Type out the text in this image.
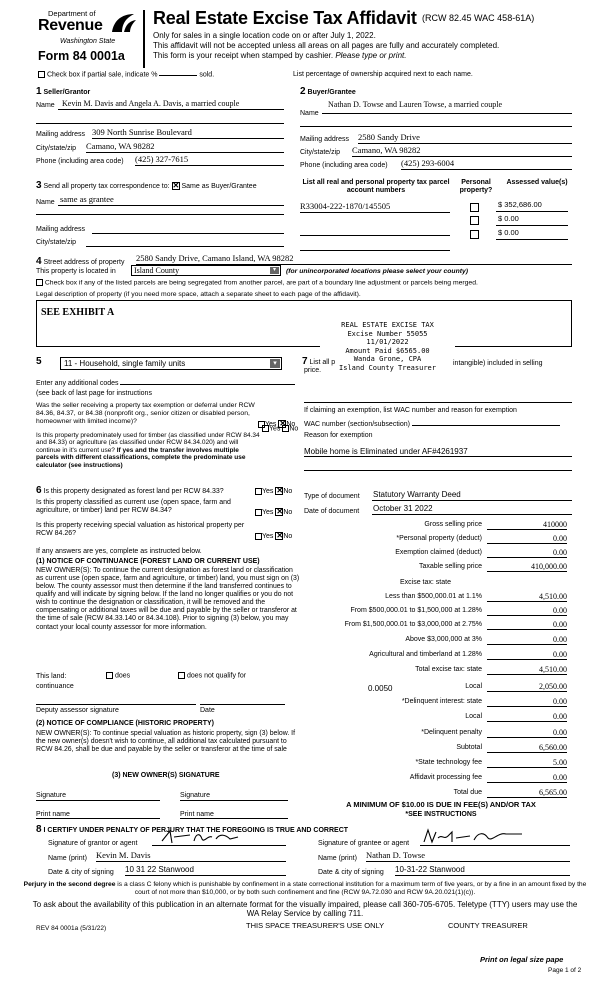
Department of
Revenue
Washington State
Form 84 0001a
Real Estate Excise Tax Affidavit (RCW 82.45 WAC 458-61A)
Only for sales in a single location code on or after July 1, 2022.
This affidavit will not be accepted unless all areas on all pages are fully and accurately completed.
This form is your receipt when stamped by cashier. Please type or print.
Check box if partial sale, indicate %	sold.	List percentage of ownership acquired next to each name.
1 Seller/Grantor
Name Kevin M. Davis and Angela A. Davis, a married couple
Mailing address 309 North Sunrise Boulevard
City/state/zip Camano, WA 98282
Phone (including area code) (425) 327-7615
2 Buyer/Grantee
Name
Nathan D. Towse and Lauren Towse, a married couple
Mailing address 2580 Sandy Drive
City/state/zip Camano, WA 98282
Phone (including area code) (425) 293-6004
3 Send all property tax correspondence to: ✕ Same as Buyer/Grantee
Name same as grantee
Mailing address
City/state/zip
List all real and personal property tax parcel account numbers
Personal property?
Assessed value(s)
R33004-222-1870/145505	$ 352,686.00
$ 0.00
$ 0.00
4 Street address of property 2580 Sandy Drive, Camano Island, WA 98282
This property is located in	Island County	▾	(for unincorporated locations please select your county)
Check box if any of the listed parcels are being segregated from another parcel, are part of a boundary line adjustment or parcels being merged.
Legal description of property (if you need more space, attach a separate sheet to each page of the affidavit).
SEE EXHIBIT A
REAL ESTATE EXCISE TAX
Excise Number 55055
11/01/2022
Amount Paid $6565.00
Wanda Grone, CPA
Island County Treasurer
5	11 - Household, single family units	▾
Enter any additional codes
(see back of last page for instructions
Was the seller receiving a property tax exemption or deferral under RCW 84.36, 84.37, or 84.38 (nonprofit org., senior citizen or disabled person, homeowner with limited income)?	Yes ✕ No
Is this property predominately used for timber (as classified under RCW 84.34 and 84.33) or agriculture (as classified under RCW 84.34.020) and will continue in it's current use? If yes and the transfer involves multiple parcels with different classifications, complete the predominate use calculator (see instructions)
Yes No
7 List all p
price.
intangible) included in selling
If claiming an exemption, list WAC number and reason for exemption
WAC number (section/subsection)
Reason for exemption
Mobile home is Eliminated under AF#4261937
6 Is this property designated as forest land per RCW 84.33?	Yes ✕ No
Is this property classified as current use (open space, farm and agriculture, or timber) land per RCW 84.34?	Yes ✕ No
Is this property receiving special valuation as historical property per RCW 84.26?	Yes ✕ No
If any answers are yes, complete as instructed below.
(1) NOTICE OF CONTINUANCE (FOREST LAND OR CURRENT USE)
NEW OWNER(S): To continue the current designation as forest land or classification as current use (open space, farm and agriculture, or timber) land, you must sign on (3) below. The county assessor must then determine if the land transferred continues to qualify and will indicate by signing below. If the land no longer qualifies or you do not wish to continue the designation or classification, it will be removed and the compensating or additional taxes will be due and payable by the seller or transferor at the time of sale (RCW 84.33.140 or 84.34.108). Prior to signing (3) below, you may contact your local county assessor for more information.
This land:
continuance
does	does not qualify for
Deputy assessor signature	Date
(2) NOTICE OF COMPLIANCE (HISTORIC PROPERTY)
NEW OWNER(S): To continue special valuation as historic property, sign (3) below. If the new owner(s) doesn't wish to continue, all additional tax calculated pursuant to RCW 84.26, shall be due and payable by the seller or transferor at the time of sale
(3) NEW OWNER(S) SIGNATURE
Signature	Signature
Print name	Print name
Type of document Statutory Warranty Deed
Date of document October 31 2022
Gross selling price	410000
*Personal property (deduct)	0.00
Exemption claimed (deduct)	0.00
Taxable selling price	410,000.00
Excise tax: state
Less than $500,000.01 at 1.1%	4,510.00
From $500,000.01 to $1,500,000 at 1.28%	0.00
From $1,500,000.01 to $3,000,000 at 2.75%	0.00
Above $3,000,000 at 3%	0.00
Agricultural and timberland at 1.28%	0.00
Total excise tax: state	4,510.00
0.0050	Local	2,050.00
*Delinquent interest: state	0.00
Local	0.00
*Delinquent penalty	0.00
Subtotal	6,560.00
*State technology fee	5.00
Affidavit processing fee	0.00
Total due	6,565.00
A MINIMUM OF $10.00 IS DUE IN FEE(S) AND/OR TAX
*SEE INSTRUCTIONS
8 I CERTIFY UNDER PENALTY OF PERJURY THAT THE FOREGOING IS TRUE AND CORRECT
Signature of grantor or agent
Name (print) Kevin M. Davis
Date & city of signing 10 31 22 Stanwood
Signature of grantee or agent
Name (print) Nathan D. Towse
Date & city of signing 10-31-22 Stanwood
Perjury in the second degree is a class C felony which is punishable by confinement in a state correctional institution for a maximum term of five years, or by a fine in an amount fixed by the court of not more than $10,000, or by both such confinement and fine (RCW 9A.72.030 and RCW 9A.20.021(1)(c)).
To ask about the availability of this publication in an alternate format for the visually impaired, please call 360-705-6705. Teletype (TTY) users may use the WA Relay Service by calling 711.
REV 84 0001a (5/31/22)	THIS SPACE TREASURER'S USE ONLY	COUNTY TREASURER
Print on legal size pape
Page 1 of 2
